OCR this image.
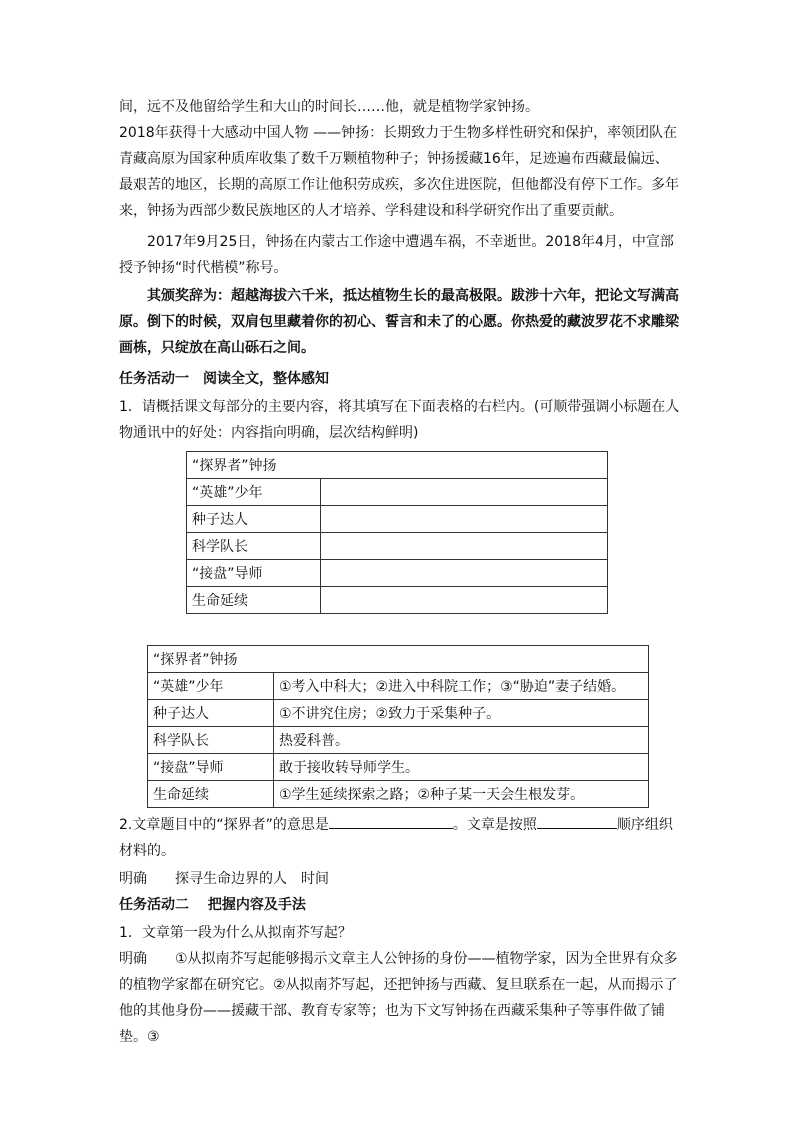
间，远不及他留给学生和大山的时间长……他，就是植物学家钟扬。

2018年获得十大感动中国人物 ——钟扬：长期致力于生物多样性研究和保护，率领团队在青藏高原为国家种质库收集了数千万颗植物种子；钟扬援藏16年，足迹遍布西藏最偏远、最艰苦的地区，长期的高原工作让他积劳成疾，多次住进医院，但他都没有停下工作。多年来，钟扬为西部少数民族地区的人才培养、学科建设和科学研究作出了重要贡献。

2017年9月25日，钟扬在内蒙古工作途中遭遇车祸，不幸逝世。2018年4月，中宣部授予钟扬“时代楷模”称号。

其颁奖辞为：超越海拔六千米，抵达植物生长的最高极限。跋涉十六年，把论文写满高原。倒下的时候，双肩包里藏着你的初心、誓言和未了的心愿。你热爱的藏波罗花不求雕梁画栋，只绽放在高山砾石之间。

任务活动一　阅读全文，整体感知

1．请概括课文每部分的主要内容，将其填写在下面表格的右栏内。(可顺带强调小标题在人物通讯中的好处：内容指向明确，层次结构鲜明)

“探界者”钟扬	
“英雄”少年	
种子达人	
科学队长	
“接盘”导师	
生命延续	
“探界者”钟扬	
“英雄”少年	①考入中科大；②进入中科院工作；③“胁迫”妻子结婚。
种子达人	①不讲究住房；②致力于采集种子。
科学队长	热爱科普。
“接盘”导师	敢于接收转导师学生。
生命延续	①学生延续探索之路；②种子某一天会生根发芽。

2.文章题目中的“探界者”的意思是	。文章是按照	顺序组织材料的。

明确 探寻生命边界的人　时间

任务活动二　 把握内容及手法

1．文章第一段为什么从拟南芥写起？

明确 ①从拟南芥写起能够揭示文章主人公钟扬的身份——植物学家，因为全世界有众多的植物学家都在研究它。②从拟南芥写起，还把钟扬与西藏、复旦联系在一起，从而揭示了他的其他身份——援藏干部、教育专家等；也为下文写钟扬在西藏采集种子等事件做了铺垫。③
